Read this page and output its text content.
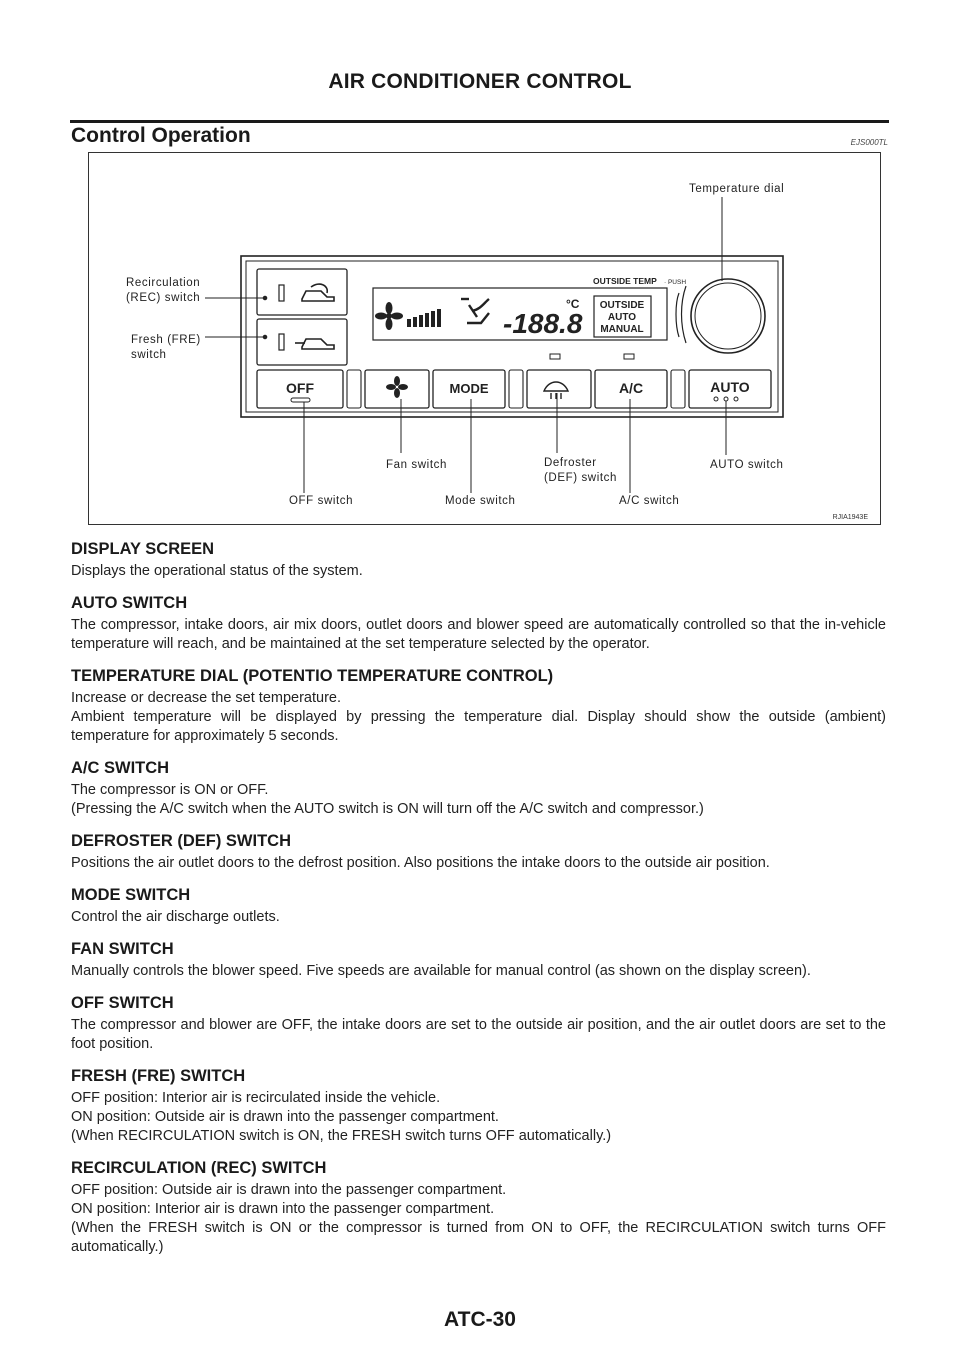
AIR CONDITIONER CONTROL
Control Operation	EJS000TL
-188.8
°C OUTSIDE
AUTO
MANUAL
OUTSIDE TEMP · PUSH
OFF	MODE	A/C	AUTO
Temperature dial
Recirculation
(REC) switch
Fresh (FRE)
switch
Fan switch	Defroster
(DEF) switch
AUTO switch
OFF switch	Mode switch	A/C switch
RJIA1943E
DISPLAY SCREEN

Displays the operational status of the system.

AUTO SWITCH

The compressor, intake doors, air mix doors, outlet doors and blower speed are automatically controlled so that the in-vehicle temperature will reach, and be maintained at the set temperature selected by the operator.

TEMPERATURE DIAL (POTENTIO TEMPERATURE CONTROL)

Increase or decrease the set temperature.

Ambient temperature will be displayed by pressing the temperature dial. Display should show the outside (ambient) temperature for approximately 5 seconds.

A/C SWITCH

The compressor is ON or OFF.

(Pressing the A/C switch when the AUTO switch is ON will turn off the A/C switch and compressor.)

DEFROSTER (DEF) SWITCH

Positions the air outlet doors to the defrost position. Also positions the intake doors to the outside air position.

MODE SWITCH

Control the air discharge outlets.

FAN SWITCH

Manually controls the blower speed. Five speeds are available for manual control (as shown on the display screen).

OFF SWITCH

The compressor and blower are OFF, the intake doors are set to the outside air position, and the air outlet doors are set to the foot position.

FRESH (FRE) SWITCH

OFF position: Interior air is recirculated inside the vehicle.

ON position: Outside air is drawn into the passenger compartment.

(When RECIRCULATION switch is ON, the FRESH switch turns OFF automatically.)

RECIRCULATION (REC) SWITCH

OFF position: Outside air is drawn into the passenger compartment.

ON position: Interior air is drawn into the passenger compartment.

(When the FRESH switch is ON or the compressor is turned from ON to OFF, the RECIRCULATION switch turns OFF automatically.)

ATC-30
